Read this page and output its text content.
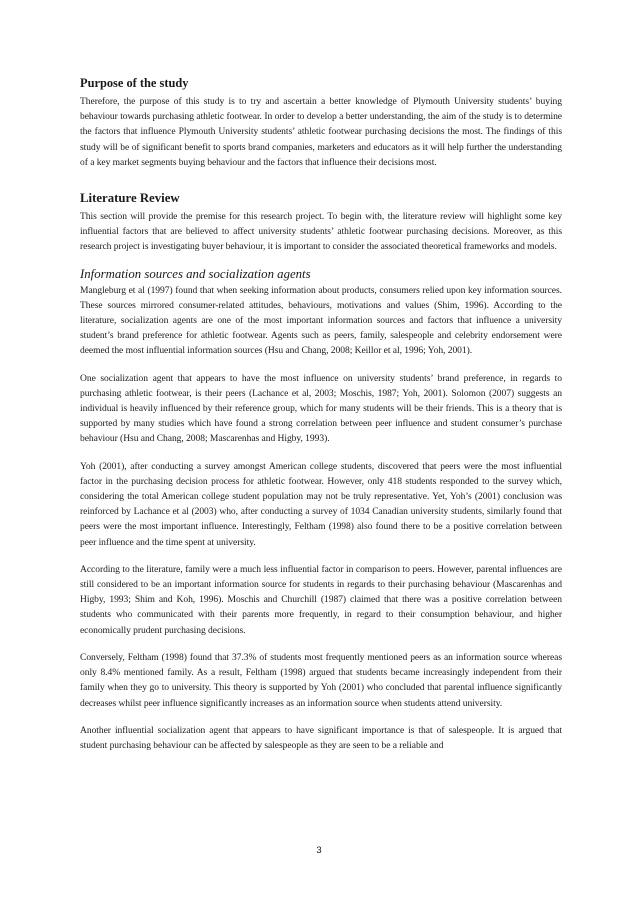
Purpose of the study

Therefore, the purpose of this study is to try and ascertain a better knowledge of Plymouth University students’ buying behaviour towards purchasing athletic footwear. In order to develop a better understanding, the aim of the study is to determine the factors that influence Plymouth University students’ athletic footwear purchasing decisions the most. The findings of this study will be of significant benefit to sports brand companies, marketers and educators as it will help further the understanding of a key market segments buying behaviour and the factors that influence their decisions most.

Literature Review

This section will provide the premise for this research project. To begin with, the literature review will highlight some key influential factors that are believed to affect university students’ athletic footwear purchasing decisions. Moreover, as this research project is investigating buyer behaviour, it is important to consider the associated theoretical frameworks and models.

Information sources and socialization agents

Mangleburg et al (1997) found that when seeking information about products, consumers relied upon key information sources. These sources mirrored consumer-related attitudes, behaviours, motivations and values (Shim, 1996). According to the literature, socialization agents are one of the most important information sources and factors that influence a university student’s brand preference for athletic footwear. Agents such as peers, family, salespeople and celebrity endorsement were deemed the most influential information sources (Hsu and Chang, 2008; Keillor et al, 1996; Yoh, 2001).

One socialization agent that appears to have the most influence on university students’ brand preference, in regards to purchasing athletic footwear, is their peers (Lachance et al, 2003; Moschis, 1987; Yoh, 2001). Solomon (2007) suggests an individual is heavily influenced by their reference group, which for many students will be their friends. This is a theory that is supported by many studies which have found a strong correlation between peer influence and student consumer’s purchase behaviour (Hsu and Chang, 2008; Mascarenhas and Higby, 1993).

Yoh (2001), after conducting a survey amongst American college students, discovered that peers were the most influential factor in the purchasing decision process for athletic footwear. However, only 418 students responded to the survey which, considering the total American college student population may not be truly representative. Yet, Yoh’s (2001) conclusion was reinforced by Lachance et al (2003) who, after conducting a survey of 1034 Canadian university students, similarly found that peers were the most important influence. Interestingly, Feltham (1998) also found there to be a positive correlation between peer influence and the time spent at university.

According to the literature, family were a much less influential factor in comparison to peers. However, parental influences are still considered to be an important information source for students in regards to their purchasing behaviour (Mascarenhas and Higby, 1993; Shim and Koh, 1996). Moschis and Churchill (1987) claimed that there was a positive correlation between students who communicated with their parents more frequently, in regard to their consumption behaviour, and higher economically prudent purchasing decisions.

Conversely, Feltham (1998) found that 37.3% of students most frequently mentioned peers as an information source whereas only 8.4% mentioned family. As a result, Feltham (1998) argued that students became increasingly independent from their family when they go to university. This theory is supported by Yoh (2001) who concluded that parental influence significantly decreases whilst peer influence significantly increases as an information source when students attend university.

Another influential socialization agent that appears to have significant importance is that of salespeople. It is argued that student purchasing behaviour can be affected by salespeople as they are seen to be a reliable and

3
